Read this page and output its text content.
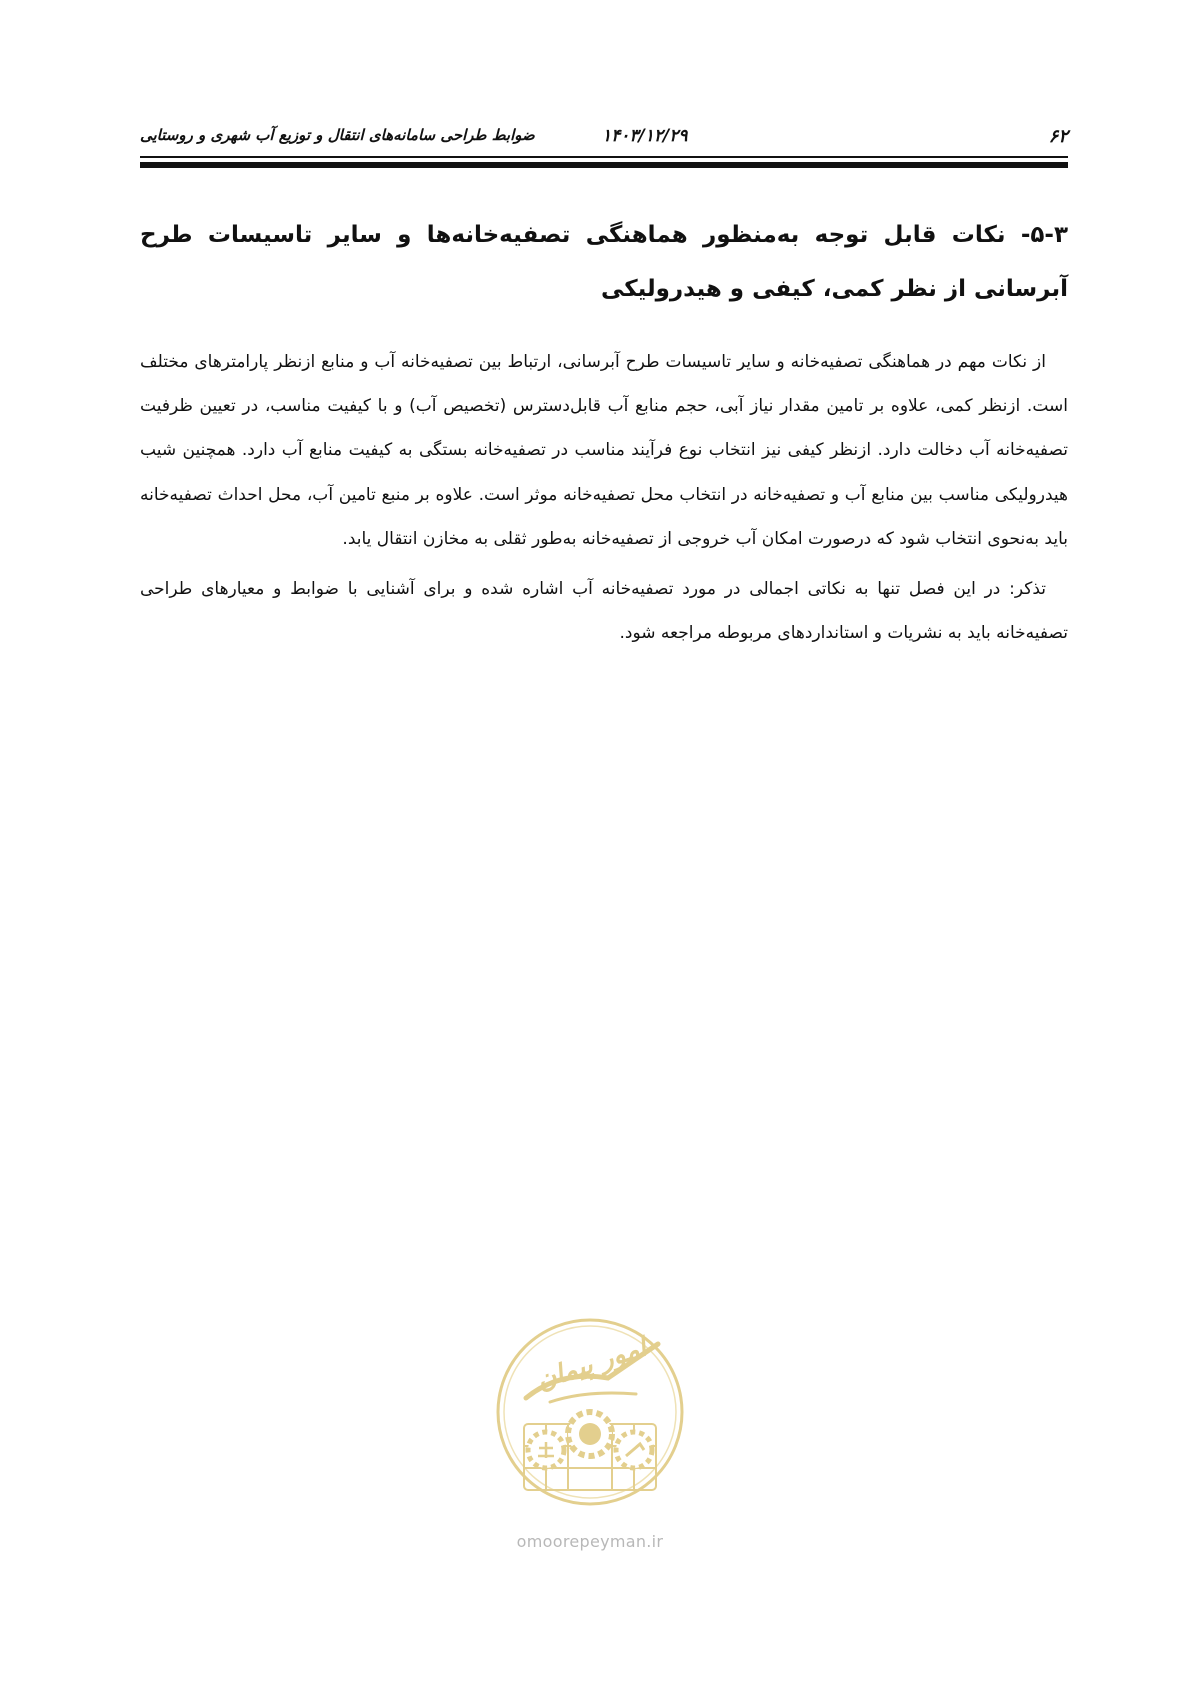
۶۲
۱۴۰۳/۱۲/۲۹
ضوابط طراحی سامانه‌های انتقال و توزیع آب شهری و روستایی
۵-۳- نکات قابل توجه به‌منظور هماهنگی تصفیه‌خانه‌ها و سایر تاسیسات طرح آبرسانی از نظر کمی، کیفی و هیدرولیکی

از نکات مهم در هماهنگی تصفیه‌خانه و سایر تاسیسات طرح آبرسانی، ارتباط بین تصفیه‌خانه آب و منابع ازنظر پارامترهای مختلف است. ازنظر کمی، علاوه بر تامین مقدار نیاز آبی، حجم منابع آب قابل‌دسترس (تخصیص آب) و با کیفیت مناسب، در تعیین ظرفیت تصفیه‌خانه آب دخالت دارد. ازنظر کیفی نیز انتخاب نوع فرآیند مناسب در تصفیه‌خانه بستگی به کیفیت منابع آب دارد. همچنین شیب هیدرولیکی مناسب بین منابع آب و تصفیه‌خانه در انتخاب محل تصفیه‌خانه موثر است. علاوه بر منبع تامین آب، محل احداث تصفیه‌خانه باید به‌نحوی انتخاب شود که درصورت امکان آب خروجی از تصفیه‌خانه به‌طور ثقلی به مخازن انتقال یابد.

تذکر: در این فصل تنها به نکاتی اجمالی در مورد تصفیه‌خانه آب اشاره شده و برای آشنایی با ضوابط و معیارهای طراحی تصفیه‌خانه باید به نشریات و استانداردهای مربوطه مراجعه شود.

امور پیمان
omoorepeyman.ir
